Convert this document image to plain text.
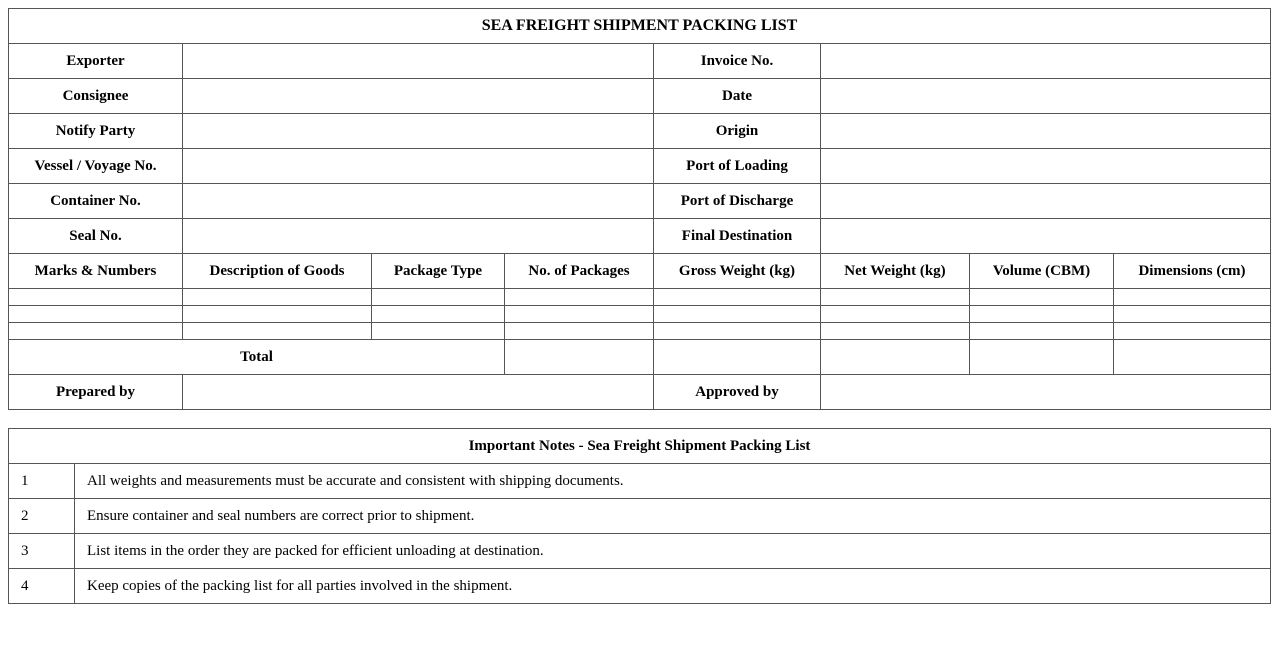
SEA FREIGHT SHIPMENT PACKING LIST							
Exporter				Invoice No.			
Consignee				Date			
Notify Party				Origin			
Vessel / Voyage No.				Port of Loading			
Container No.				Port of Discharge			
Seal No.				Final Destination			
Marks & Numbers	Description of Goods	Package Type	No. of Packages	Gross Weight (kg)	Net Weight (kg)	Volume (CBM)	Dimensions (cm)

Total							
Prepared by				Approved by			
Important Notes - Sea Freight Shipment Packing List	
1	All weights and measurements must be accurate and consistent with shipping documents.
2	Ensure container and seal numbers are correct prior to shipment.
3	List items in the order they are packed for efficient unloading at destination.
4	Keep copies of the packing list for all parties involved in the shipment.
